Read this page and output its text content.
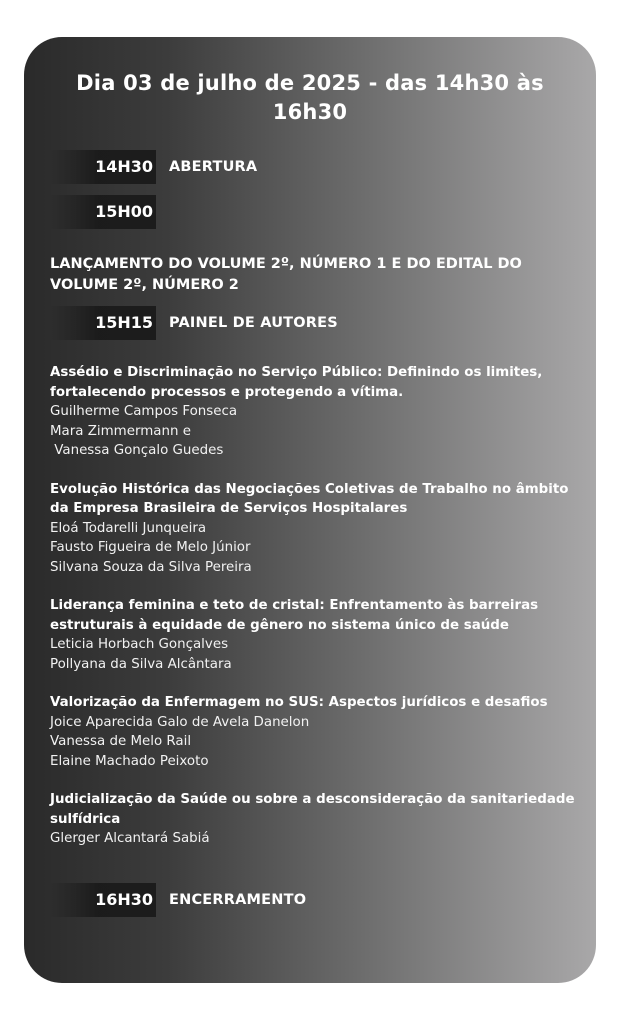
Dia 03 de julho de 2025 - das 14h30 às 16h30
14H30 ABERTURA
15H00
LANÇAMENTO DO VOLUME 2º, NÚMERO 1 E DO EDITAL DO VOLUME 2º, NÚMERO 2
15H15 PAINEL DE AUTORES
Assédio e Discriminação no Serviço Público: Definindo os limites, fortalecendo processos e protegendo a vítima.
Guilherme Campos Fonseca
Mara Zimmermann e
Vanessa Gonçalo Guedes
Evolução Histórica das Negociações Coletivas de Trabalho no âmbito da Empresa Brasileira de Serviços Hospitalares
Eloá Todarelli Junqueira
Fausto Figueira de Melo Júnior
Silvana Souza da Silva Pereira
Liderança feminina e teto de cristal: Enfrentamento às barreiras estruturais à equidade de gênero no sistema único de saúde
Leticia Horbach Gonçalves
Pollyana da Silva Alcântara
Valorização da Enfermagem no SUS: Aspectos jurídicos e desafios
Joice Aparecida Galo de Avela Danelon
Vanessa de Melo Rail
Elaine Machado Peixoto
Judicialização da Saúde ou sobre a desconsideração da sanitariedade sulfídrica
Glerger Alcantará Sabiá
16H30 ENCERRAMENTO
